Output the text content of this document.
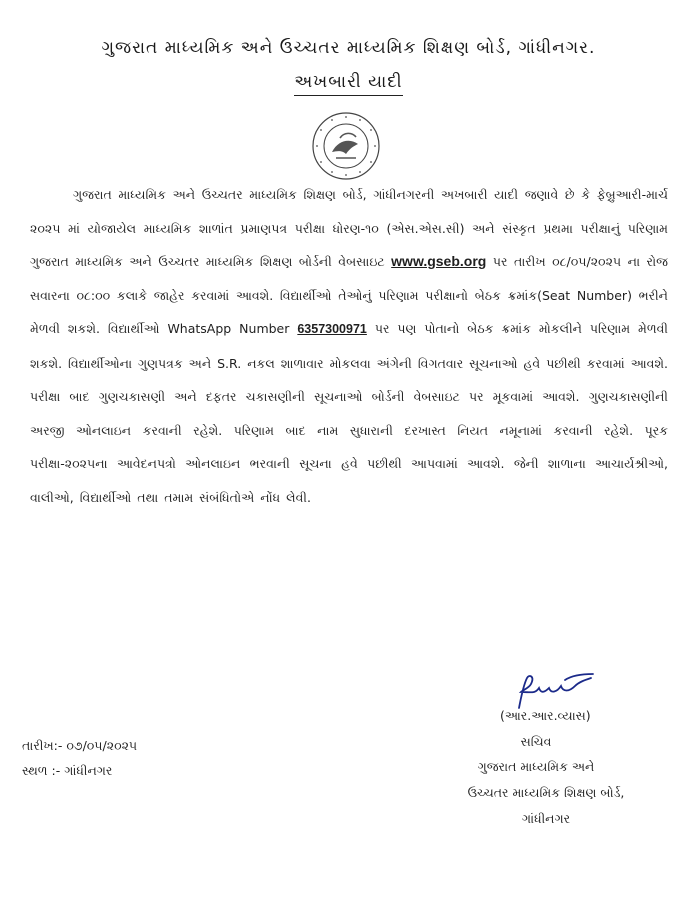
ગુજરાત માધ્યમિક અને ઉચ્ચતર માધ્યમિક શિક્ષણ બોર્ડ, ગાંધીનગર.
અખબારી યાદી
ગુજરાત માધ્યમિક અને ઉચ્ચતર માધ્યમિક શિક્ષણ બોર્ડ, ગાંધીનગરની અખબારી યાદી જણાવે છે કે ફેબ્રુઆરી-માર્ચ ૨૦૨૫ માં યોજાયેલ માધ્યમિક શાળાંત પ્રમાણપત્ર પરીક્ષા ધોરણ-૧૦ (એસ.એસ.સી) અને સંસ્કૃત પ્રથમા પરીક્ષાનું પરિણામ ગુજરાત માધ્યમિક અને ઉચ્ચતર માધ્યમિક શિક્ષણ બોર્ડની વેબસાઇટ www.gseb.org પર તારીખ ૦૮/૦૫/૨૦૨૫ ના રોજ સવારના ૦૮:૦૦ કલાકે જાહેર કરવામાં આવશે. વિદ્યાર્થીઓ તેઓનું પરિણામ પરીક્ષાનો બેઠક ક્રમાંક(Seat Number) ભરીને મેળવી શકશે. વિદ્યાર્થીઓ WhatsApp Number 6357300971 પર પણ પોતાનો બેઠક ક્રમાંક મોકલીને પરિણામ મેળવી શકશે. વિદ્યાર્થીઓના ગુણપત્રક અને S.R. નકલ શાળાવાર મોકલવા અંગેની વિગતવાર સૂચનાઓ હવે પછીથી કરવામાં આવશે. પરીક્ષા બાદ ગુણચકાસણી અને દફતર ચકાસણીની સૂચનાઓ બોર્ડની વેબસાઇટ પર મૂકવામાં આવશે. ગુણચકાસણીની અરજી ઓનલાઇન કરવાની રહેશે. પરિણામ બાદ નામ સુધારાની દરખાસ્ત નિયત નમૂનામાં કરવાની રહેશે. પૂરક પરીક્ષા-૨૦૨૫ના આવેદનપત્રો ઓનલાઇન ભરવાની સૂચના હવે પછીથી આપવામાં આવશે. જેની શાળાના આચાર્યશ્રીઓ, વાલીઓ, વિદ્યાર્થીઓ તથા તમામ સંબંધિતોએ નોંધ લેવી.
(આર.આર.વ્યાસ)
સચિવ
ગુજરાત માધ્યમિક અને
ઉચ્ચતર માધ્યમિક શિક્ષણ બોર્ડ,
ગાંધીનગર
તારીખ:- ૦૭/૦૫/૨૦૨૫
સ્થળ :- ગાંધીનગર
